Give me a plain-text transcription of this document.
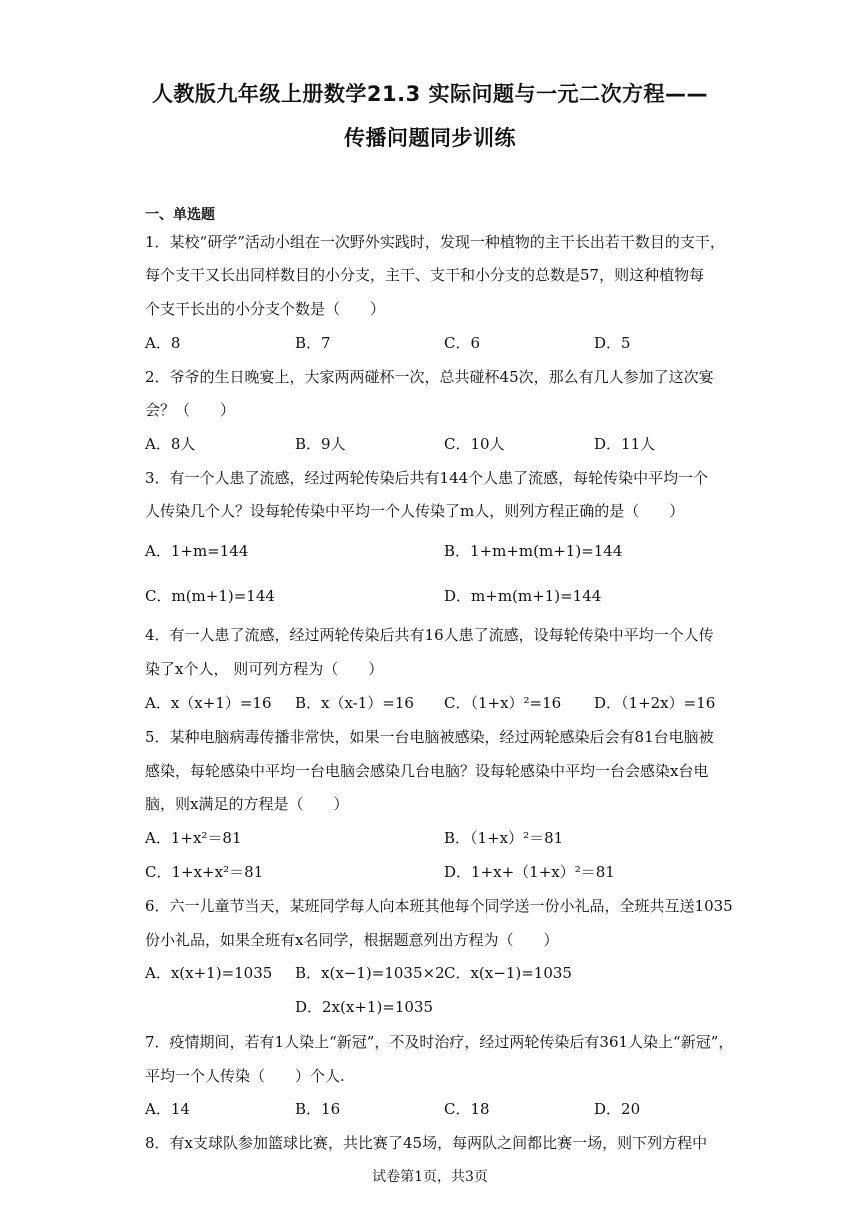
人教版九年级上册数学21.3 实际问题与一元二次方程——
传播问题同步训练
一、单选题
1．某校“研学”活动小组在一次野外实践时，发现一种植物的主干长出若干数目的支干，
每个支干又长出同样数目的小分支，主干、支干和小分支的总数是57，则这种植物每
个支干长出的小分支个数是（　　）
A．8	B．7	C．6	D．5
2．爷爷的生日晚宴上，大家两两碰杯一次，总共碰杯45次，那么有几人参加了这次宴
会？（　　）
A．8人	B．9人	C．10人	D．11人
3．有一个人患了流感，经过两轮传染后共有144个人患了流感，每轮传染中平均一个
人传染几个人？设每轮传染中平均一个人传染了m人，则列方程正确的是（　　）
A．1+m=144	B．1+m+m(m+1)=144
C．m(m+1)=144	D．m+m(m+1)=144
4．有一人患了流感，经过两轮传染后共有16人患了流感，设每轮传染中平均一个人传
染了x个人， 则可列方程为（　　）
A．x（x+1）=16 B．x（x-1）=16 C．（1+x）²=16 D．（1+2x）=16
5．某种电脑病毒传播非常快，如果一台电脑被感染，经过两轮感染后会有81台电脑被
感染，每轮感染中平均一台电脑会感染几台电脑？设每轮感染中平均一台会感染x台电
脑，则x满足的方程是（　　）
A．1+x²＝81	B．（1+x）²＝81
C．1+x+x²＝81	D．1+x+（1+x）²＝81
6．六一儿童节当天，某班同学每人向本班其他每个同学送一份小礼品，全班共互送1035
份小礼品，如果全班有x名同学，根据题意列出方程为（　　）
A．x(x+1)=1035 B．x(x−1)=1035×2 C．x(x−1)=1035
D．2x(x+1)=1035
7．疫情期间，若有1人染上“新冠”，不及时治疗，经过两轮传染后有361人染上“新冠”，
平均一个人传染（　　）个人.
A．14	B．16	C．18	D．20
8．有x支球队参加篮球比赛，共比赛了45场，每两队之间都比赛一场，则下列方程中
试卷第1页，共3页
